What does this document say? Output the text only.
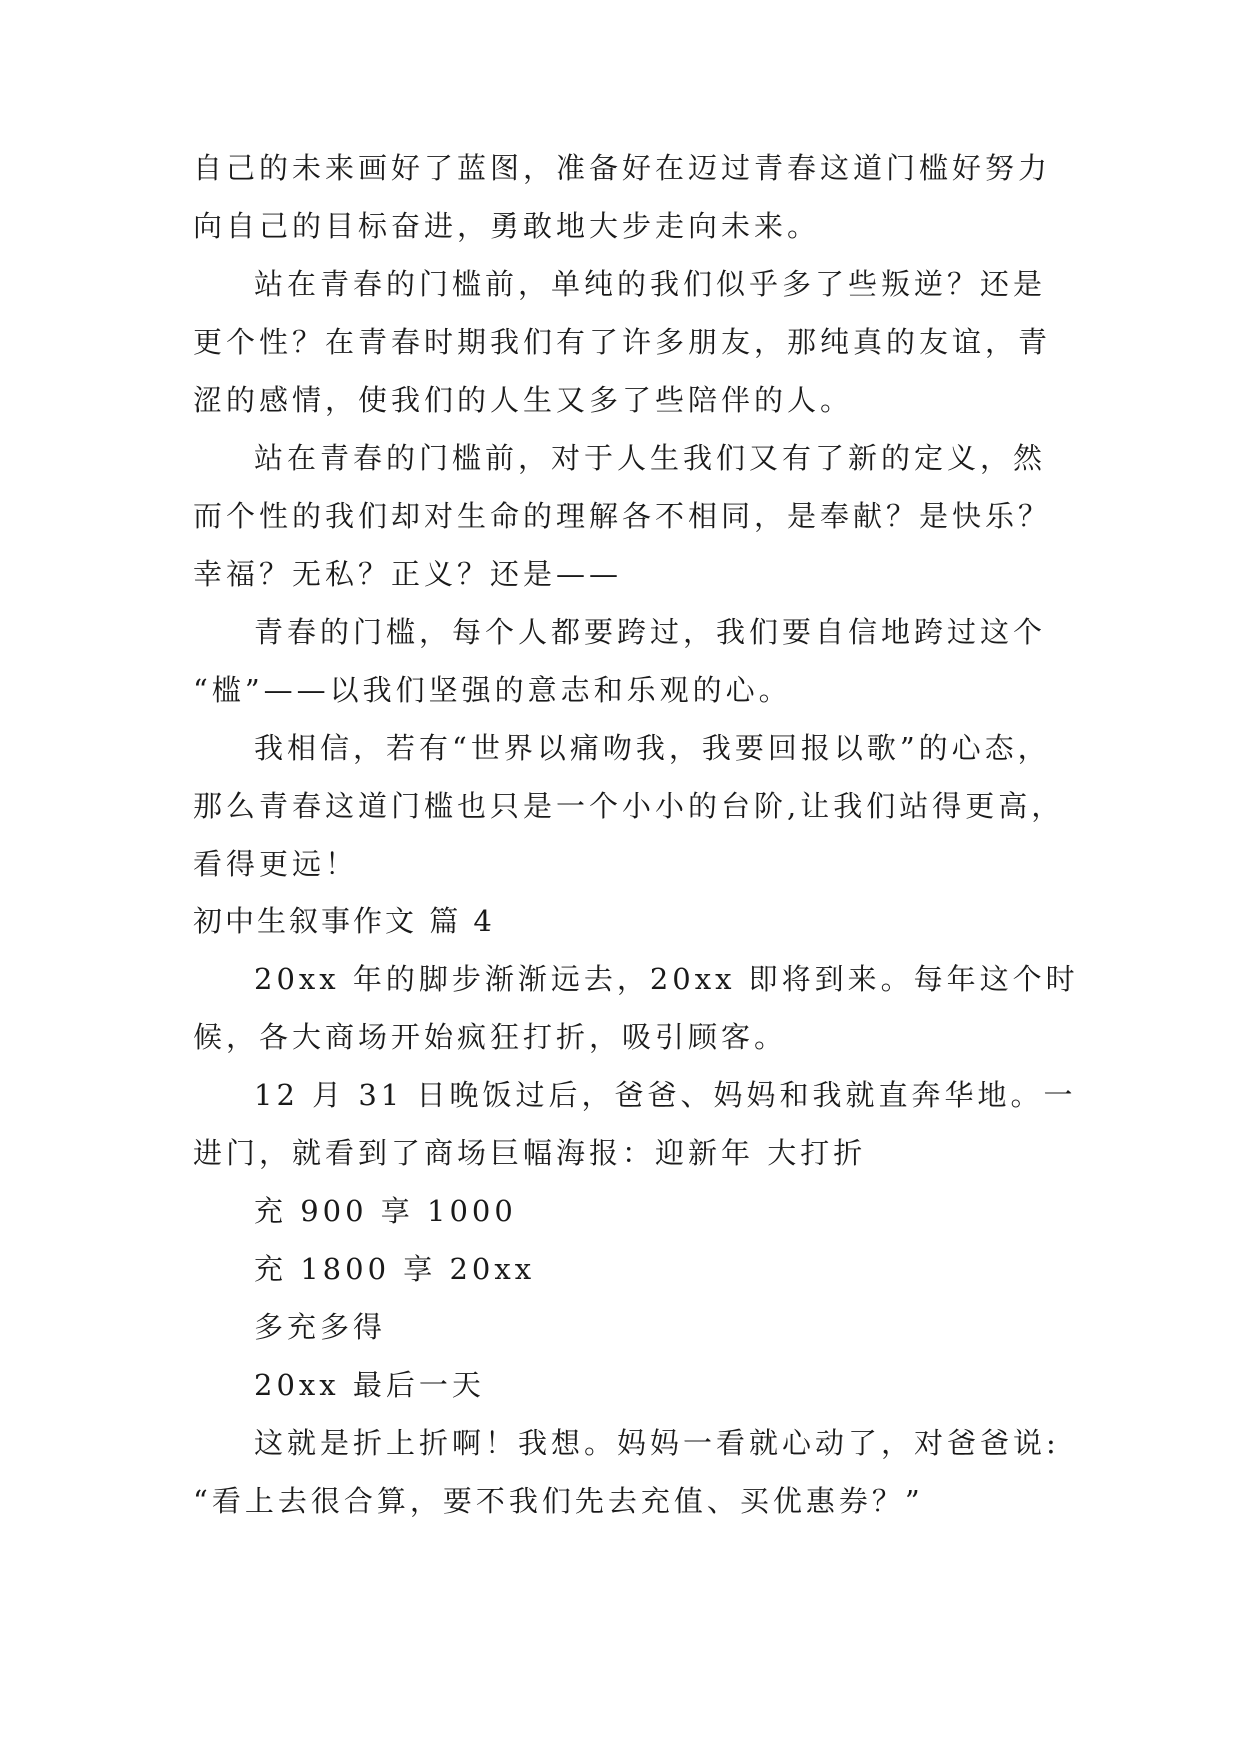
自己的未来画好了蓝图，准备好在迈过青春这道门槛好努力
向自己的目标奋进，勇敢地大步走向未来。
站在青春的门槛前，单纯的我们似乎多了些叛逆？还是
更个性？在青春时期我们有了许多朋友，那纯真的友谊，青
涩的感情，使我们的人生又多了些陪伴的人。
站在青春的门槛前，对于人生我们又有了新的定义，然
而个性的我们却对生命的理解各不相同，是奉献？是快乐？
幸福？无私？正义？还是——
青春的门槛，每个人都要跨过，我们要自信地跨过这个
“槛”——以我们坚强的意志和乐观的心。
我相信，若有“世界以痛吻我，我要回报以歌”的心态，
那么青春这道门槛也只是一个小小的台阶,让我们站得更高，
看得更远！
初中生叙事作文 篇 4
20xx 年的脚步渐渐远去，20xx 即将到来。每年这个时
候，各大商场开始疯狂打折，吸引顾客。
12 月 31 日晚饭过后，爸爸、妈妈和我就直奔华地。一
进门，就看到了商场巨幅海报：迎新年 大打折
充 900 享 1000
充 1800 享 20xx
多充多得
20xx 最后一天
这就是折上折啊！我想。妈妈一看就心动了，对爸爸说:
“看上去很合算，要不我们先去充值、买优惠券？”
